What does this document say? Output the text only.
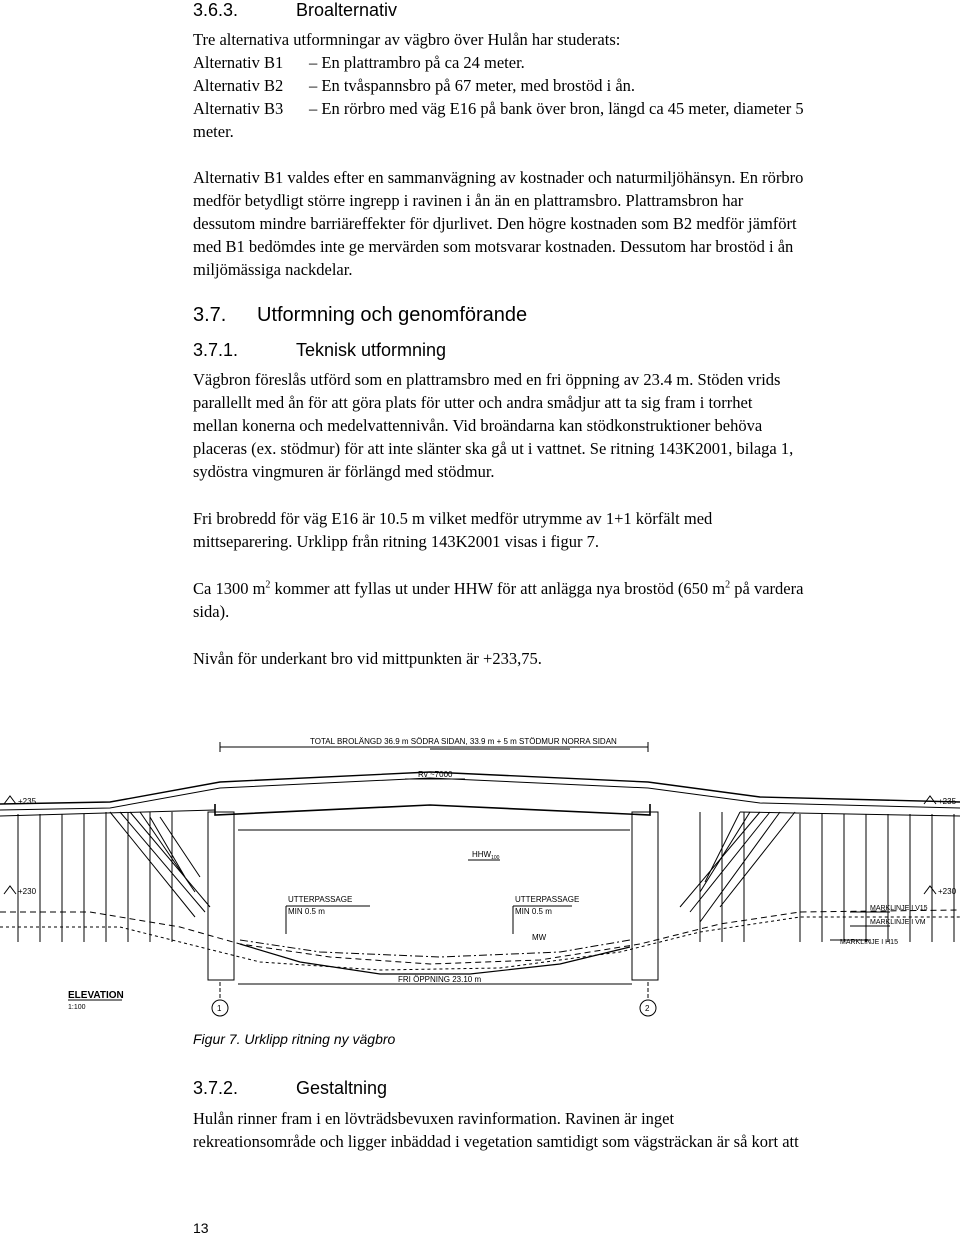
3.6.3.	Broalternativ
Tre alternativa utformningar av vägbro över Hulån har studerats:
Alternativ B1 – En plattrambro på ca 24 meter.
Alternativ B2 – En tvåspannsbro på 67 meter, med brostöd i ån.
Alternativ B3 – En rörbro med väg E16 på bank över bron, längd ca 45 meter, diameter 5
meter.
Alternativ B1 valdes efter en sammanvägning av kostnader och naturmiljöhänsyn. En rörbro
medför betydligt större ingrepp i ravinen i ån än en plattramsbro. Plattramsbron har
dessutom mindre barriäreffekter för djurlivet. Den högre kostnaden som B2 medför jämfört
med B1 bedömdes inte ge mervärden som motsvarar kostnaden. Dessutom har brostöd i ån
miljömässiga nackdelar.
3.7. Utformning och genomförande
3.7.1.	Teknisk utformning
Vägbron föreslås utförd som en plattramsbro med en fri öppning av 23.4 m. Stöden vrids
parallellt med ån för att göra plats för utter och andra smådjur att ta sig fram i torrhet
mellan konerna och medelvattennivån. Vid broändarna kan stödkonstruktioner behöva
placeras (ex. stödmur) för att inte slänter ska gå ut i vattnet. Se ritning 143K2001, bilaga 1,
sydöstra vingmuren är förlängd med stödmur.
Fri brobredd för väg E16 är 10.5 m vilket medför utrymme av 1+1 körfält med
mittseparering. Urklipp från ritning 143K2001 visas i figur 7.
Ca 1300 $m^2$ kommer att fyllas ut under HHW för att anlägga nya brostöd (650 $m^2$ på vardera
sida).
Nivån för underkant bro vid mittpunkten är +233,75.
TOTAL BROLÄNGD 36.9 m SÖDRA SIDAN, 33.9 m + 5 m STÖDMUR NORRA SIDAN
Rv ~7000
+235	+235
+230	+230
$HHW_{100}$
UTTERPASSAGE
MIN 0.5 m
UTTERPASSAGE
MIN 0.5 m
MW
MARKLINJE I V15
MARKLINJE I VM
MARKLINJE I H15
FRI ÖPPNING 23.10 m
ELEVATION
1:100	1	2
Figur 7. Urklipp ritning ny vägbro
3.7.2.	Gestaltning
Hulån rinner fram i en lövträdsbevuxen ravinformation. Ravinen är inget
rekreationsområde och ligger inbäddad i vegetation samtidigt som vägsträckan är så kort att
13
